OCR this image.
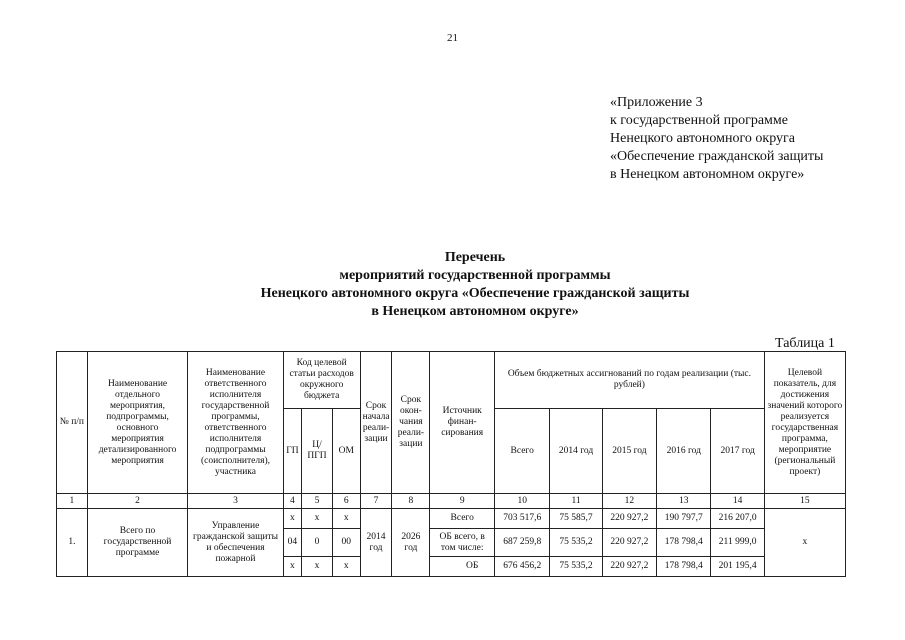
21
«Приложение 3
к государственной программе
Ненецкого автономного округа
«Обеспечение гражданской защиты
в Ненецком автономном округе»
Перечень
мероприятий государственной программы
Ненецкого автономного округа «Обеспечение гражданской защиты
в Ненецком автономном округе»
Таблица 1
№ п/п	Наименование отдельного мероприятия, подпрограммы, основного мероприятия детализированного мероприятия	Наименование ответственного исполнителя государственной программы, ответственного исполнителя подпрограммы (соисполнителя), участника	Код целевой статьи расходов окружного бюджета			Срок начала реали-зации	Срок окон-чания реали-зации	Источник финан-сирования	Объем бюджетных ассигнований по годам реализации (тыс. рублей)					Целевой показатель, для достижения значений которого реализуется государственная программа, мероприятие (региональный проект)
			ГП	Ц/ ПГП	ОМ				Всего	2014 год	2015 год	2016 год	2017 год	
1	2	3	4	5	6	7	8	9	10	11	12	13	14	15
1.	Всего по государственной программе	Управление гражданской защиты и обеспечения пожарной	х	х	х	2014 год	2026 год	Всего	703 517,6	75 585,7	220 927,2	190 797,7	216 207,0	х
			04	0	00			ОБ всего, в том числе:	687 259,8	75 535,2	220 927,2	178 798,4	211 999,0	
			х	х	х			ОБ	676 456,2	75 535,2	220 927,2	178 798,4	201 195,4	
